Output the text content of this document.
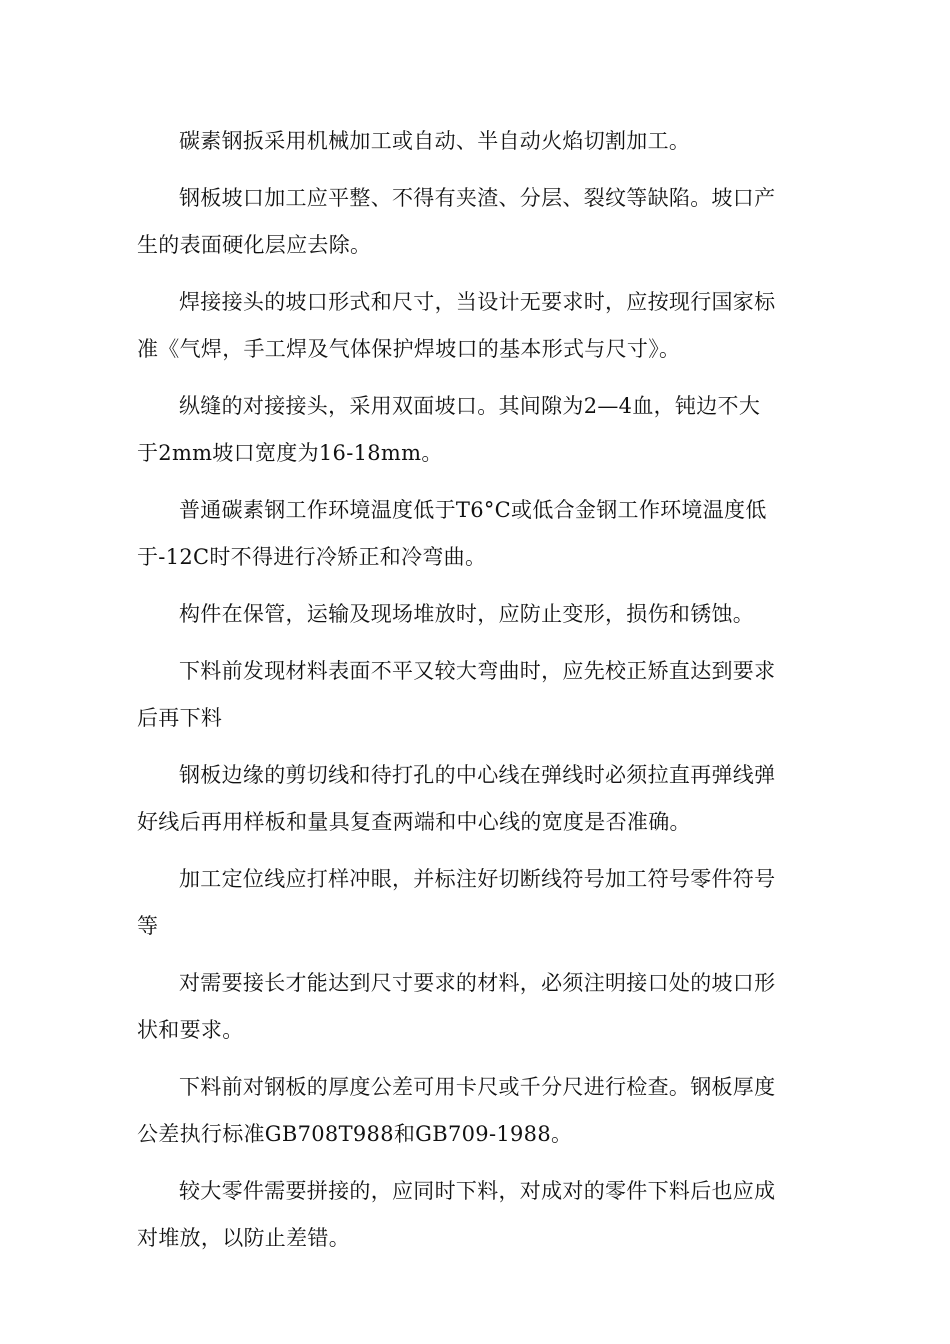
碳素钢扳采用机械加工或自动、半自动火焰切割加工。

钢板坡口加工应平整、不得有夹渣、分层、裂纹等缺陷。坡口产
生的表面硬化层应去除。

焊接接头的坡口形式和尺寸，当设计无要求时，应按现行国家标
准《气焊，手工焊及气体保护焊坡口的基本形式与尺寸》。

纵缝的对接接头，采用双面坡口。其间隙为2—4血，钝边不大
于2mm坡口宽度为16-18mm。

普通碳素钢工作环境温度低于T6°C或低合金钢工作环境温度低
于-12C时不得进行冷矫正和冷弯曲。

构件在保管，运输及现场堆放时，应防止变形，损伤和锈蚀。

下料前发现材料表面不平又较大弯曲时，应先校正矫直达到要求
后再下料

钢板边缘的剪切线和待打孔的中心线在弹线时必须拉直再弹线弹
好线后再用样板和量具复查两端和中心线的宽度是否准确。

加工定位线应打样冲眼，并标注好切断线符号加工符号零件符号
等

对需要接长才能达到尺寸要求的材料，必须注明接口处的坡口形
状和要求。

下料前对钢板的厚度公差可用卡尺或千分尺进行检查。钢板厚度
公差执行标准GB708T988和GB709-1988。

较大零件需要拼接的，应同时下料，对成对的零件下料后也应成
对堆放，以防止差错。
